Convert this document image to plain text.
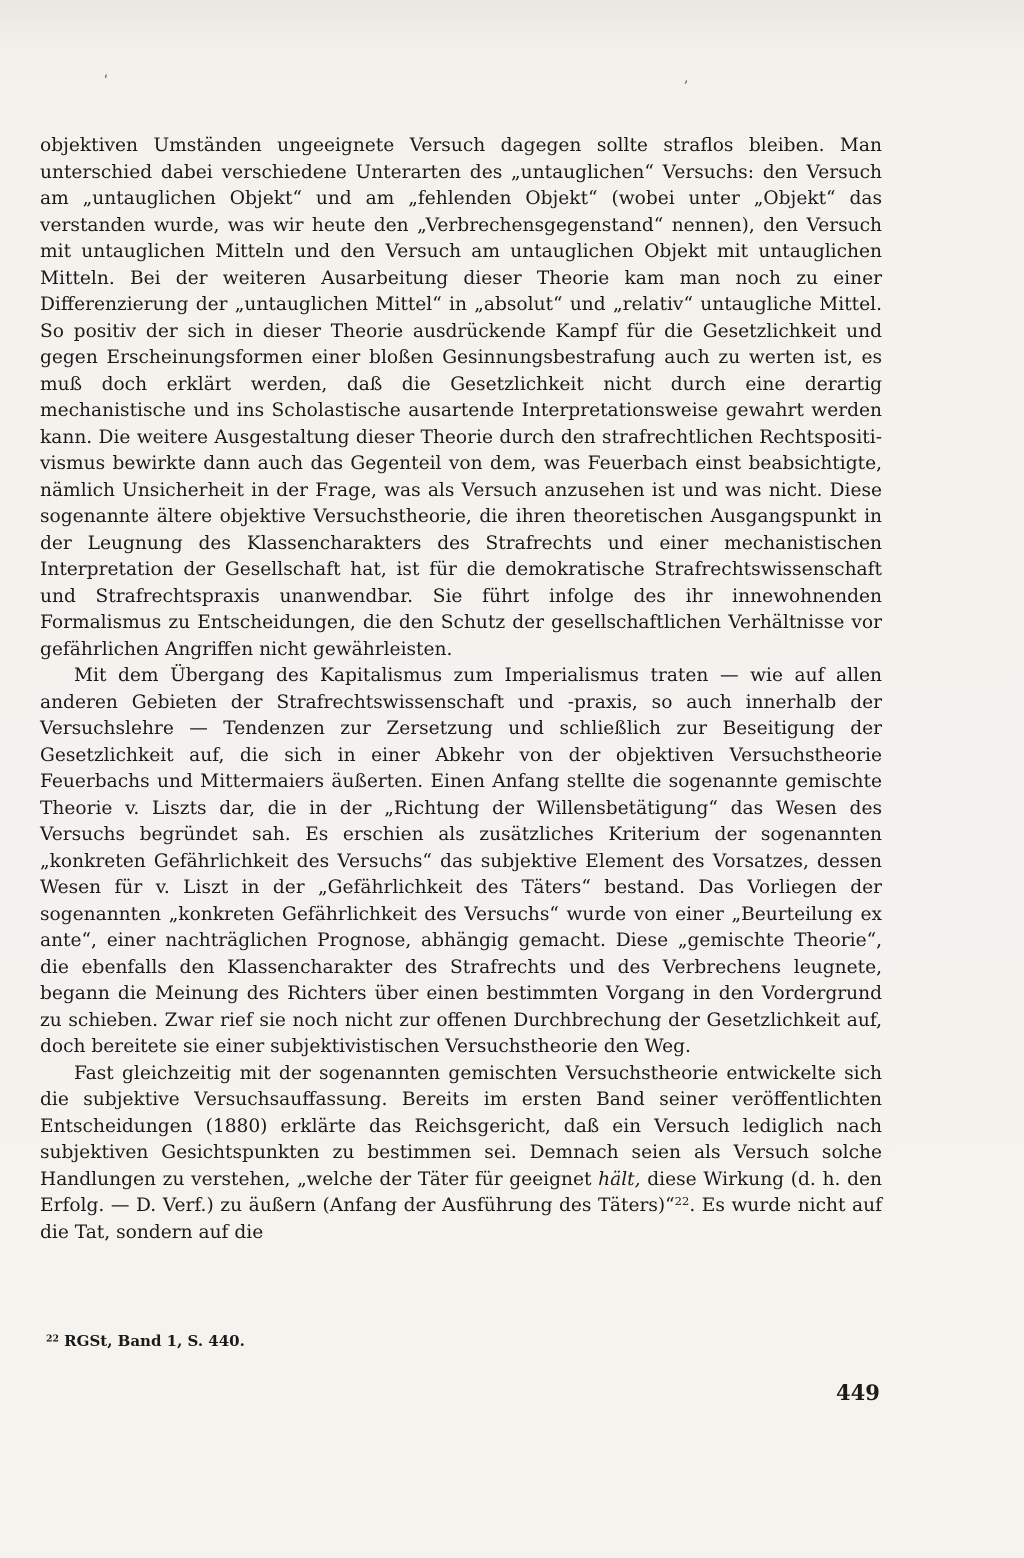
ʹ	,

objektiven Umständen ungeeignete Versuch dagegen sollte straflos bleiben. Man unterschied dabei verschiedene Unterarten des „untauglichen“ Versuchs: den Versuch am „untauglichen Objekt“ und am „fehlenden Objekt“ (wobei unter „Objekt“ das verstanden wurde, was wir heute den „Verbrechensgegenstand“ nennen), den Versuch mit untauglichen Mitteln und den Versuch am untauglichen Objekt mit untauglichen Mitteln. Bei der weiteren Ausarbeitung dieser Theorie kam man noch zu einer Differenzierung der „untauglichen Mittel“ in „absolut“ und „relativ“ untaugliche Mittel. So positiv der sich in dieser Theorie ausdrückende Kampf für die Gesetzlichkeit und gegen Erscheinungsformen einer bloßen Gesinnungsbestrafung auch zu werten ist, es muß doch erklärt werden, daß die Gesetzlichkeit nicht durch eine derartig mechanistische und ins Scholastische ausartende Interpretationsweise gewahrt werden kann. Die weitere Ausgestaltung dieser Theorie durch den strafrechtlichen Rechtspositivismus bewirkte dann auch das Gegenteil von dem, was Feuerbach einst beabsichtigte, nämlich Unsicherheit in der Frage, was als Versuch anzusehen ist und was nicht. Diese sogenannte ältere objektive Versuchstheorie, die ihren theoretischen Ausgangspunkt in der Leugnung des Klassencharakters des Strafrechts und einer mechanistischen Interpretation der Gesellschaft hat, ist für die demokratische Strafrechtswissenschaft und Strafrechtspraxis unanwendbar. Sie führt infolge des ihr innewohnenden Formalismus zu Entscheidungen, die den Schutz der gesellschaftlichen Verhältnisse vor gefährlichen Angriffen nicht gewährleisten.

Mit dem Übergang des Kapitalismus zum Imperialismus traten — wie auf allen anderen Gebieten der Strafrechtswissenschaft und -praxis, so auch innerhalb der Versuchslehre — Tendenzen zur Zersetzung und schließlich zur Beseitigung der Gesetzlichkeit auf, die sich in einer Abkehr von der objektiven Versuchstheorie Feuerbachs und Mittermaiers äußerten. Einen Anfang stellte die sogenannte gemischte Theorie v. Liszts dar, die in der „Richtung der Willensbetätigung“ das Wesen des Versuchs begründet sah. Es erschien als zusätzliches Kriterium der sogenannten „konkreten Gefährlichkeit des Versuchs“ das subjektive Element des Vorsatzes, dessen Wesen für v. Liszt in der „Gefährlichkeit des Täters“ bestand. Das Vorliegen der sogenannten „konkreten Gefährlichkeit des Versuchs“ wurde von einer „Beurteilung ex ante“, einer nachträglichen Prognose, abhängig gemacht. Diese „gemischte Theorie“, die ebenfalls den Klassencharakter des Strafrechts und des Verbrechens leugnete, begann die Meinung des Richters über einen bestimmten Vorgang in den Vordergrund zu schieben. Zwar rief sie noch nicht zur offenen Durchbrechung der Gesetzlichkeit auf, doch bereitete sie einer subjektivistischen Versuchstheorie den Weg.

Fast gleichzeitig mit der sogenannten gemischten Versuchstheorie entwickelte sich die subjektive Versuchsauffassung. Bereits im ersten Band seiner veröffentlichten Entscheidungen (1880) erklärte das Reichsgericht, daß ein Versuch lediglich nach subjektiven Gesichtspunkten zu bestimmen sei. Demnach seien als Versuch solche Handlungen zu verstehen, „welche der Täter für geeignet hält, diese Wirkung (d. h. den Erfolg. — D. Verf.) zu äußern (Anfang der Ausführung des Täters)“$^{22}$. Es wurde nicht auf die Tat, sondern auf die

$^{22}$ RGSt, Band 1, S. 440.
449
